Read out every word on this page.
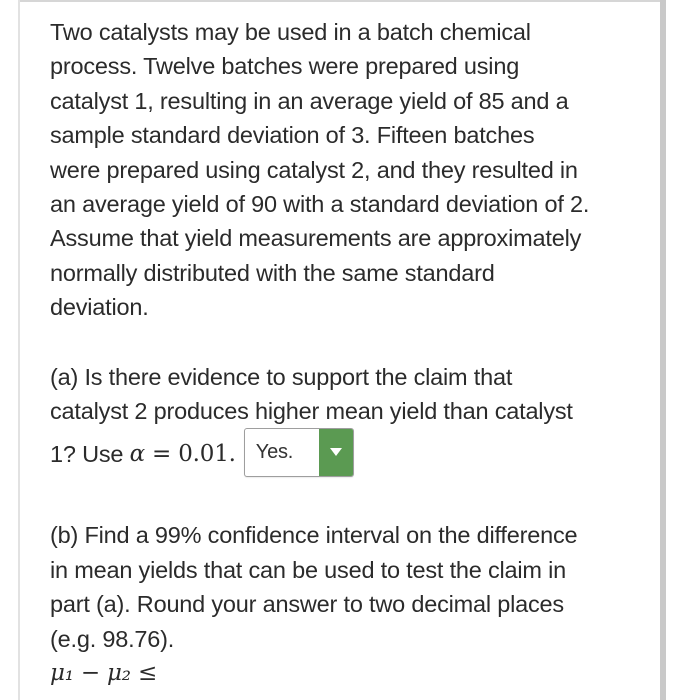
Two catalysts may be used in a batch chemical
process. Twelve batches were prepared using
catalyst 1, resulting in an average yield of 85 and a
sample standard deviation of 3. Fifteen batches
were prepared using catalyst 2, and they resulted in
an average yield of 90 with a standard deviation of 2.
Assume that yield measurements are approximately
normally distributed with the same standard
deviation.
(a) Is there evidence to support the claim that
catalyst 2 produces higher mean yield than catalyst
1? Use α = 0.01.	Yes.
(b) Find a 99% confidence interval on the difference
in mean yields that can be used to test the claim in
part (a). Round your answer to two decimal places
(e.g. 98.76).
μ₁ − μ₂ ≤
